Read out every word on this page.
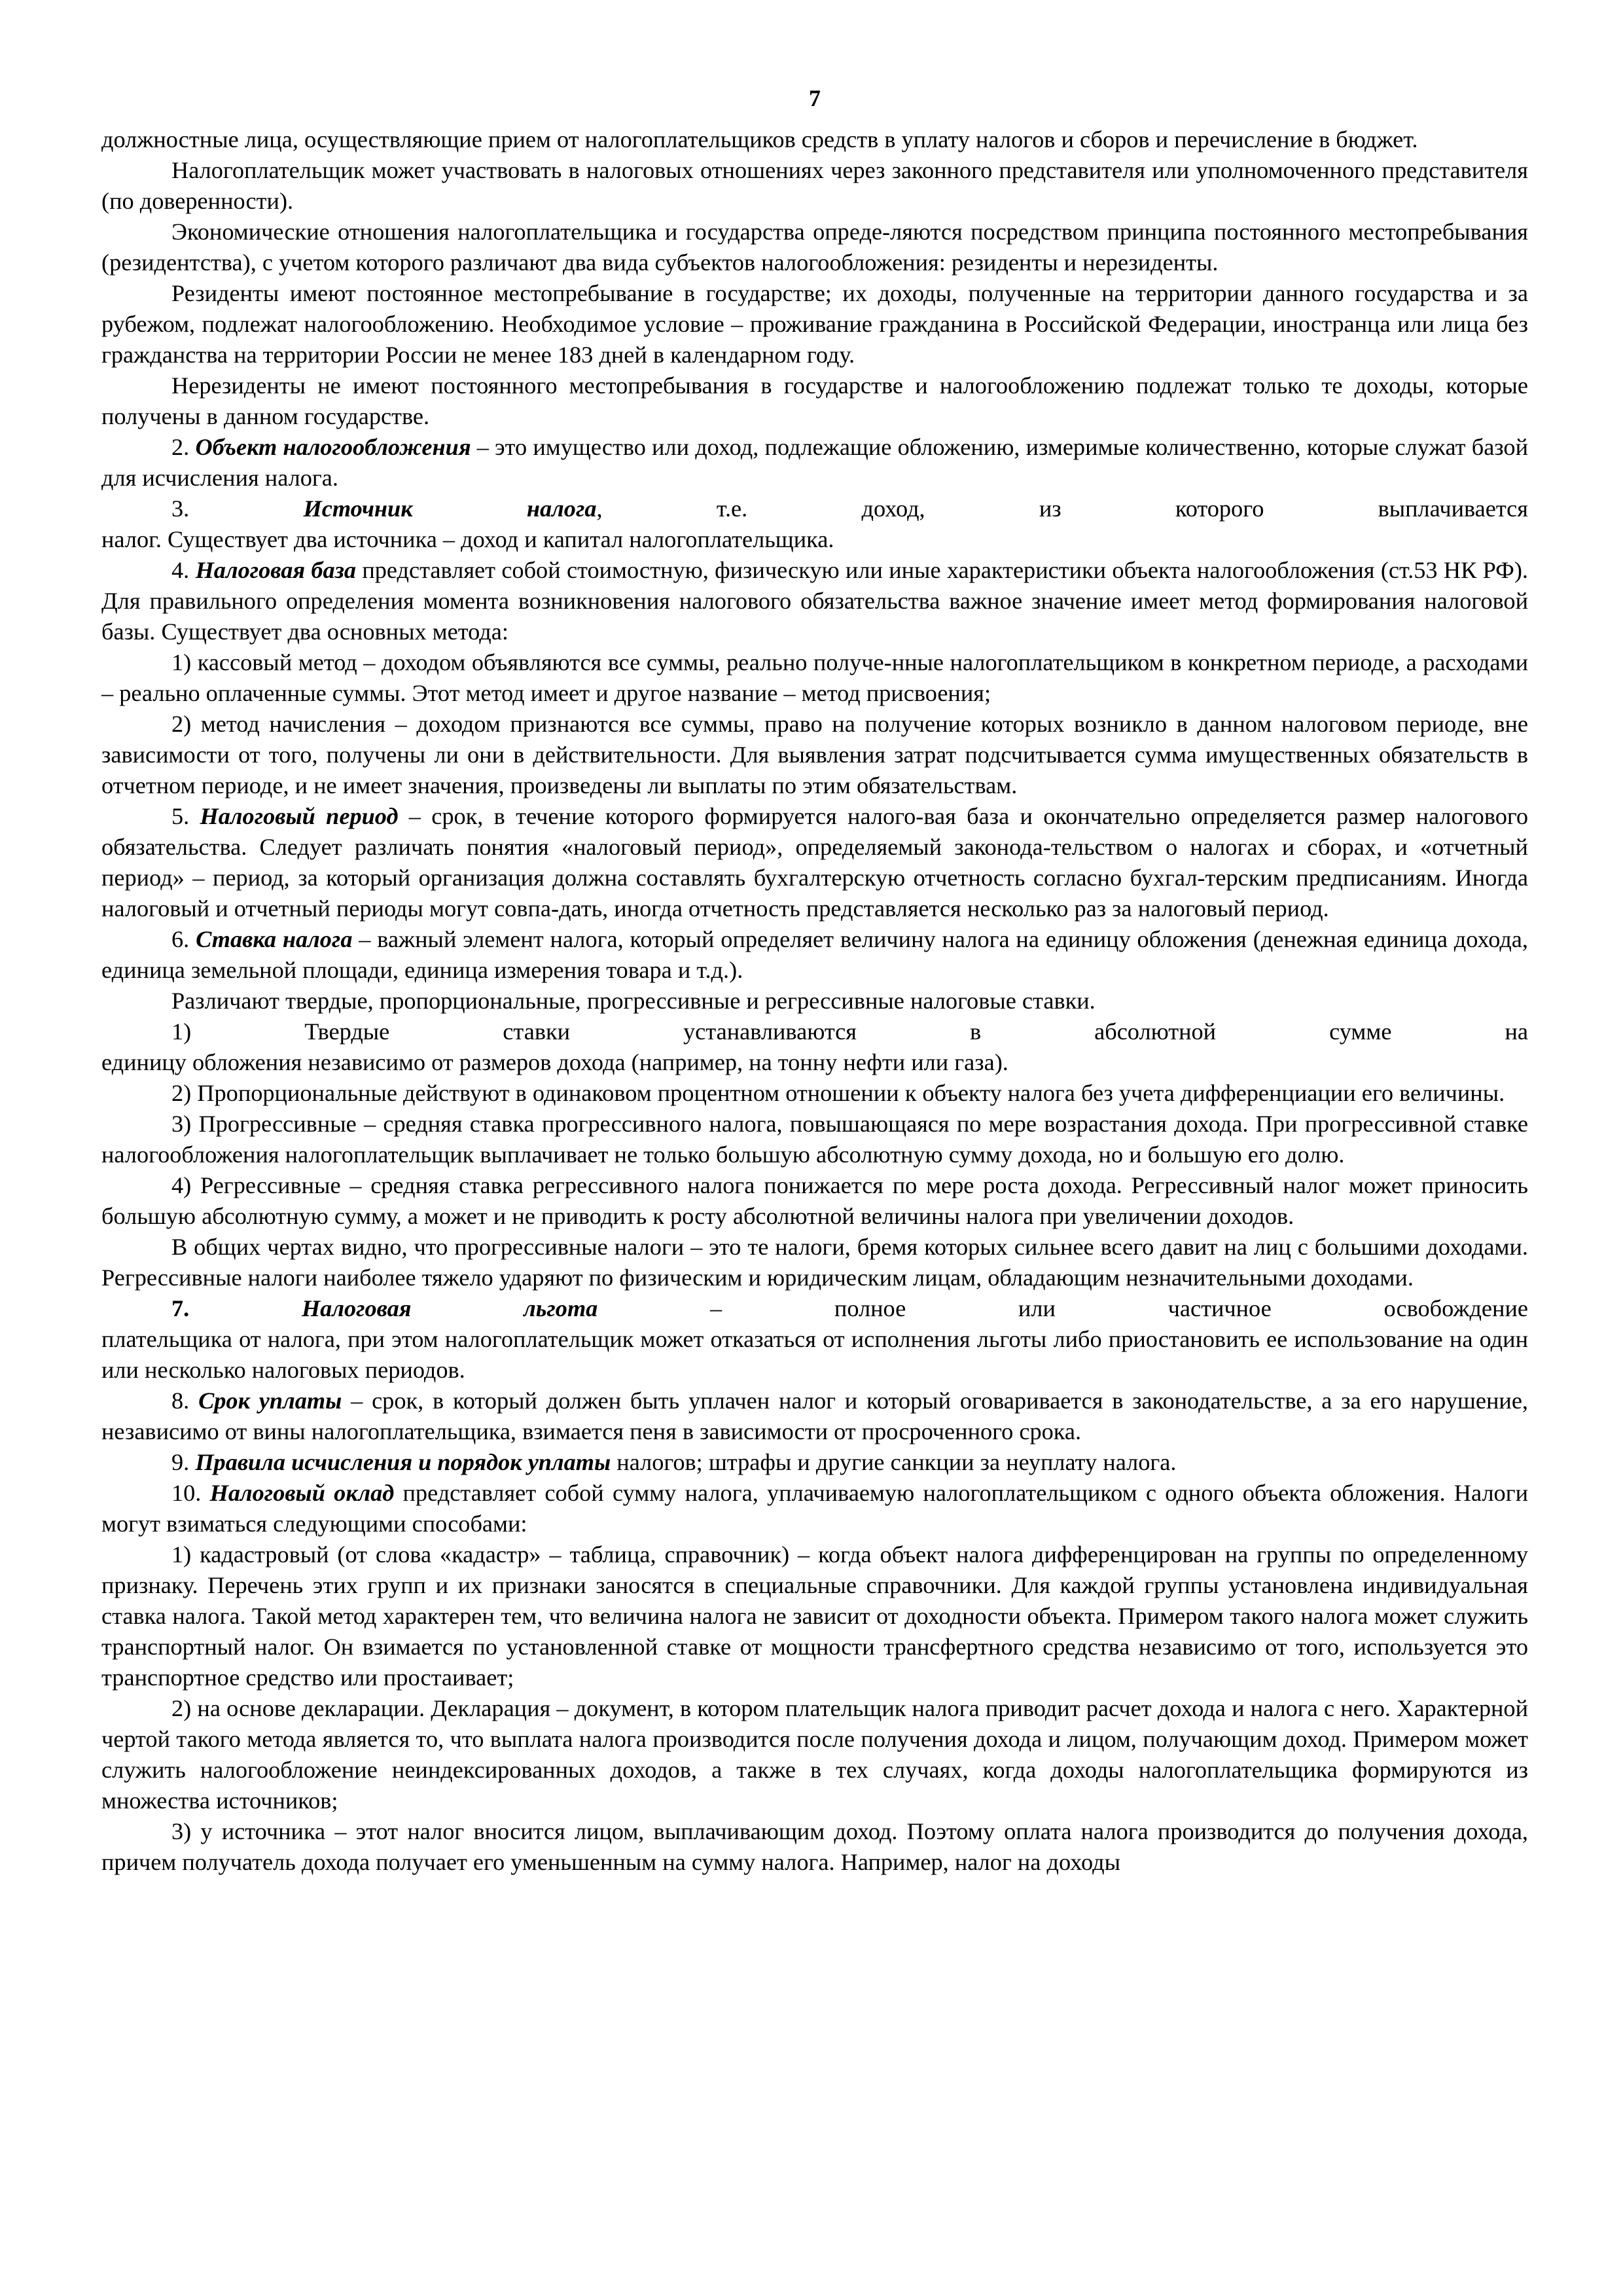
7

должностные лица, осуществляющие прием от налогоплательщиков средств в уплату налогов и сборов и перечисление в бюджет.

Налогоплательщик может участвовать в налоговых отношениях через законного представителя или уполномоченного представителя (по доверенности).

Экономические отношения налогоплательщика и государства опреде-ляются посредством принципа постоянного местопребывания (резидентства), с учетом которого различают два вида субъектов налогообложения: резиденты и нерезиденты.

Резиденты имеют постоянное местопребывание в государстве; их доходы, полученные на территории данного государства и за рубежом, подлежат налогообложению. Необходимое условие – проживание гражданина в Российской Федерации, иностранца или лица без гражданства на территории России не менее 183 дней в календарном году.

Нерезиденты не имеют постоянного местопребывания в государстве и налогообложению подлежат только те доходы, которые получены в данном государстве.

2. Объект налогообложения – это имущество или доход, подлежащие обложению, измеримые количественно, которые служат базой для исчисления налога.

3.	Источник налога, т.е. доход, из которого выплачивается

налог. Существует два источника – доход и капитал налогоплательщика.

4. Налоговая база представляет собой стоимостную, физическую или иные характеристики объекта налогообложения (ст.53 НК РФ). Для правильного определения момента возникновения налогового обязательства важное значение имеет метод формирования налоговой базы. Существует два основных метода:

1) кассовый метод – доходом объявляются все суммы, реально получе-нные налогоплательщиком в конкретном периоде, а расходами – реально оплаченные суммы. Этот метод имеет и другое название – метод присвоения;

2) метод начисления – доходом признаются все суммы, право на получение которых возникло в данном налоговом периоде, вне зависимости от того, получены ли они в действительности. Для выявления затрат подсчитывается сумма имущественных обязательств в отчетном периоде, и не имеет значения, произведены ли выплаты по этим обязательствам.

5. Налоговый период – срок, в течение которого формируется налого-вая база и окончательно определяется размер налогового обязательства. Следует различать понятия «налоговый период», определяемый законода-тельством о налогах и сборах, и «отчетный период» – период, за который организация должна составлять бухгалтерскую отчетность согласно бухгал-терским предписаниям. Иногда налоговый и отчетный периоды могут совпа-дать, иногда отчетность представляется несколько раз за налоговый период.

6. Ставка налога – важный элемент налога, который определяет величину налога на единицу обложения (денежная единица дохода, единица земельной площади, единица измерения товара и т.д.).

Различают твердые, пропорциональные, прогрессивные и регрессивные налоговые ставки.

1) Твердые ставки устанавливаются в абсолютной сумме на

единицу обложения независимо от размеров дохода (например, на тонну нефти или газа).

2) Пропорциональные действуют в одинаковом процентном отношении к объекту налога без учета дифференциации его величины.

3) Прогрессивные – средняя ставка прогрессивного налога, повышающаяся по мере возрастания дохода. При прогрессивной ставке налогообложения налогоплательщик выплачивает не только большую абсолютную сумму дохода, но и большую его долю.

4) Регрессивные – средняя ставка регрессивного налога понижается по мере роста дохода. Регрессивный налог может приносить большую абсолютную сумму, а может и не приводить к росту абсолютной величины налога при увеличении доходов.

В общих чертах видно, что прогрессивные налоги – это те налоги, бремя которых сильнее всего давит на лиц с большими доходами. Регрессивные налоги наиболее тяжело ударяют по физическим и юридическим лицам, обладающим незначительными доходами.

7.	Налоговая льгота – полное или частичное освобождение

плательщика от налога, при этом налогоплательщик может отказаться от исполнения льготы либо приостановить ее использование на один или несколько налоговых периодов.

8. Срок уплаты – срок, в который должен быть уплачен налог и который оговаривается в законодательстве, а за его нарушение, независимо от вины налогоплательщика, взимается пеня в зависимости от просроченного срока.

9. Правила исчисления и порядок уплаты налогов; штрафы и другие санкции за неуплату налога.

10. Налоговый оклад представляет собой сумму налога, уплачиваемую налогоплательщиком с одного объекта обложения. Налоги могут взиматься следующими способами:

1) кадастровый (от слова «кадастр» – таблица, справочник) – когда объект налога дифференцирован на группы по определенному признаку. Перечень этих групп и их признаки заносятся в специальные справочники. Для каждой группы установлена индивидуальная ставка налога. Такой метод характерен тем, что величина налога не зависит от доходности объекта. Примером такого налога может служить транспортный налог. Он взимается по установленной ставке от мощности трансфертного средства независимо от того, используется это транспортное средство или простаивает;

2) на основе декларации. Декларация – документ, в котором плательщик налога приводит расчет дохода и налога с него. Характерной чертой такого метода является то, что выплата налога производится после получения дохода и лицом, получающим доход. Примером может служить налогообложение неиндексированных доходов, а также в тех случаях, когда доходы налогоплательщика формируются из множества источников;

3) у источника – этот налог вносится лицом, выплачивающим доход. Поэтому оплата налога производится до получения дохода, причем получатель дохода получает его уменьшенным на сумму налога. Например, налог на доходы
